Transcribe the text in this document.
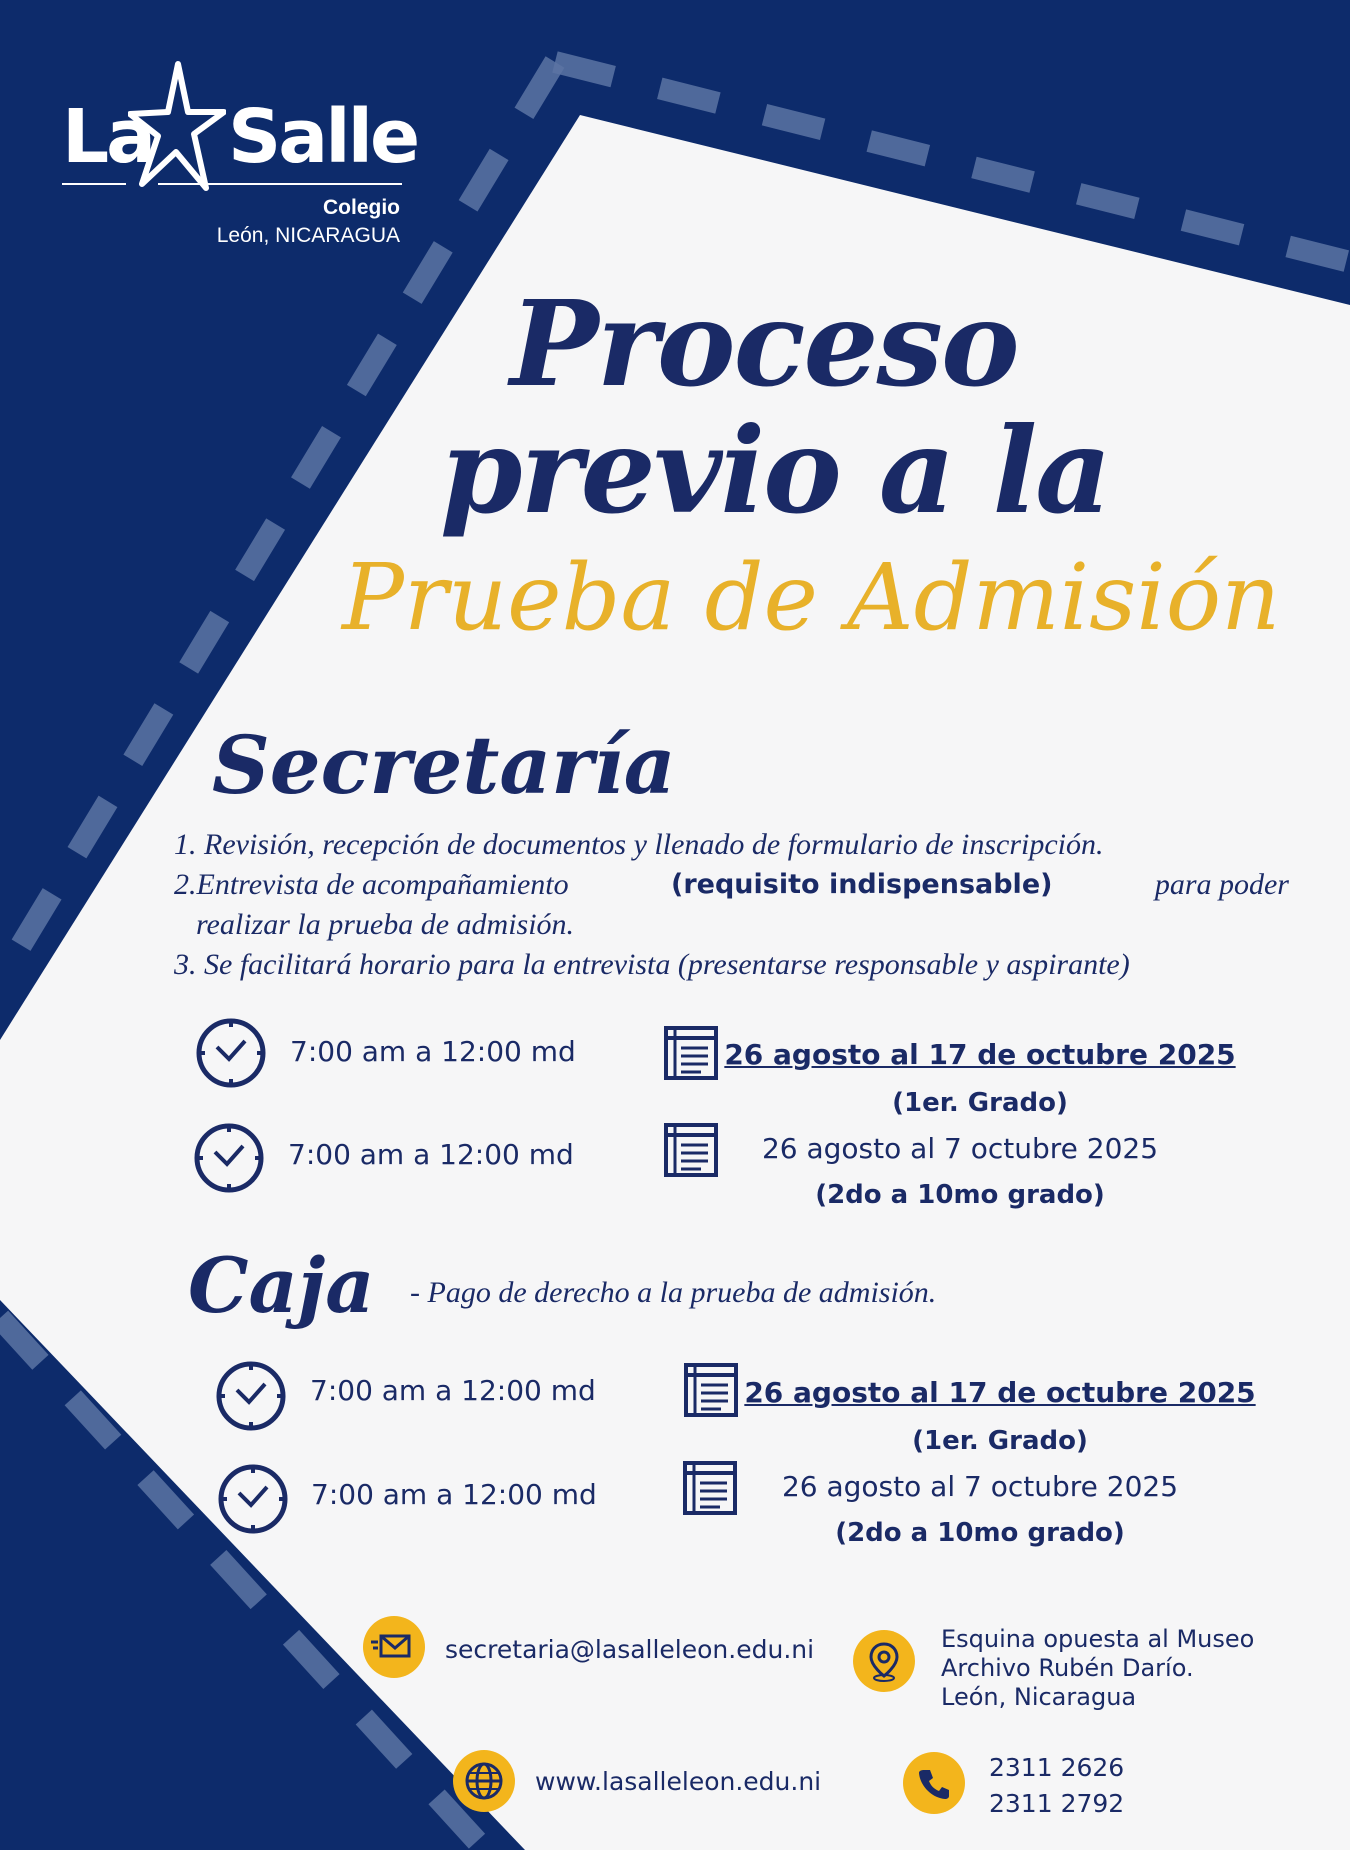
La Salle
Colegio
León, NICARAGUA
Proceso
previo a la
Prueba de Admisión
Secretaría
1. Revisión, recepción de documentos y llenado de formulario de inscripción.
2.Entrevista de acompañamiento	(requisito indispensable)	para poder
realizar la prueba de admisión.
3. Se facilitará horario para la entrevista (presentarse responsable y aspirante)
7:00 am a 12:00 md	26 agosto al 17 de octubre 2025
(1er. Grado)
7:00 am a 12:00 md	26 agosto al 7 octubre 2025
(2do a 10mo grado)
Caja - Pago de derecho a la prueba de admisión.
7:00 am a 12:00 md	26 agosto al 17 de octubre 2025
(1er. Grado)
7:00 am a 12:00 md	26 agosto al 7 octubre 2025
(2do a 10mo grado)
secretaria@lasalleleon.edu.ni	Esquina opuesta al Museo
Archivo Rubén Darío.
León, Nicaragua
www.lasalleleon.edu.ni	2311 2626
2311 2792
